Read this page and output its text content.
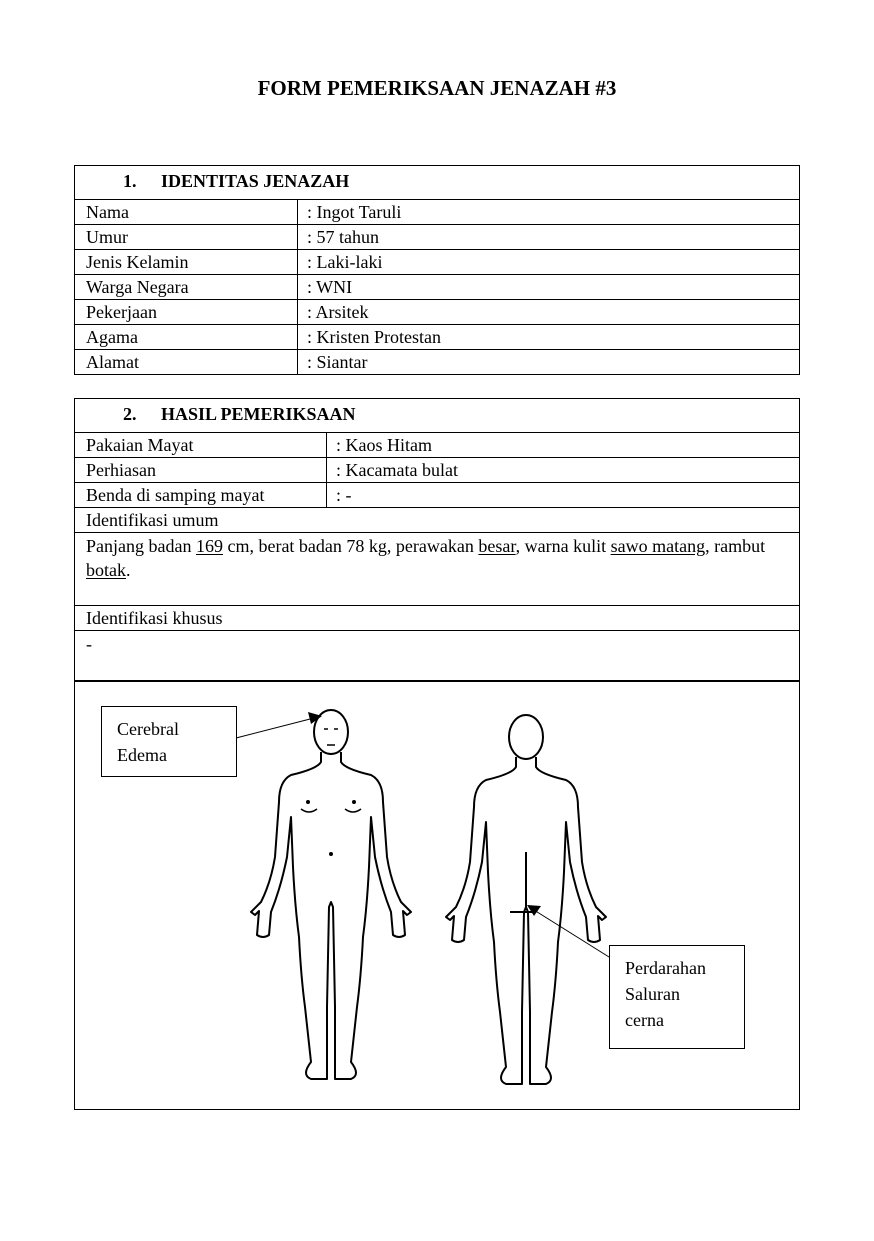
FORM PEMERIKSAAN JENAZAH #3
1. IDENTITAS JENAZAH
Nama	: Ingot Taruli
Umur	: 57 tahun
Jenis Kelamin	: Laki-laki
Warga Negara	: WNI
Pekerjaan	: Arsitek
Agama	: Kristen Protestan
Alamat	: Siantar
2. HASIL PEMERIKSAAN
Pakaian Mayat	: Kaos Hitam
Perhiasan	: Kacamata bulat
Benda di samping mayat	: -
Identifikasi umum
Panjang badan 169 cm, berat badan 78 kg, perawakan besar, warna kulit sawo matang, rambut botak.
Identifikasi khusus
-
Cerebral
Edema
Perdarahan
Saluran
cerna
